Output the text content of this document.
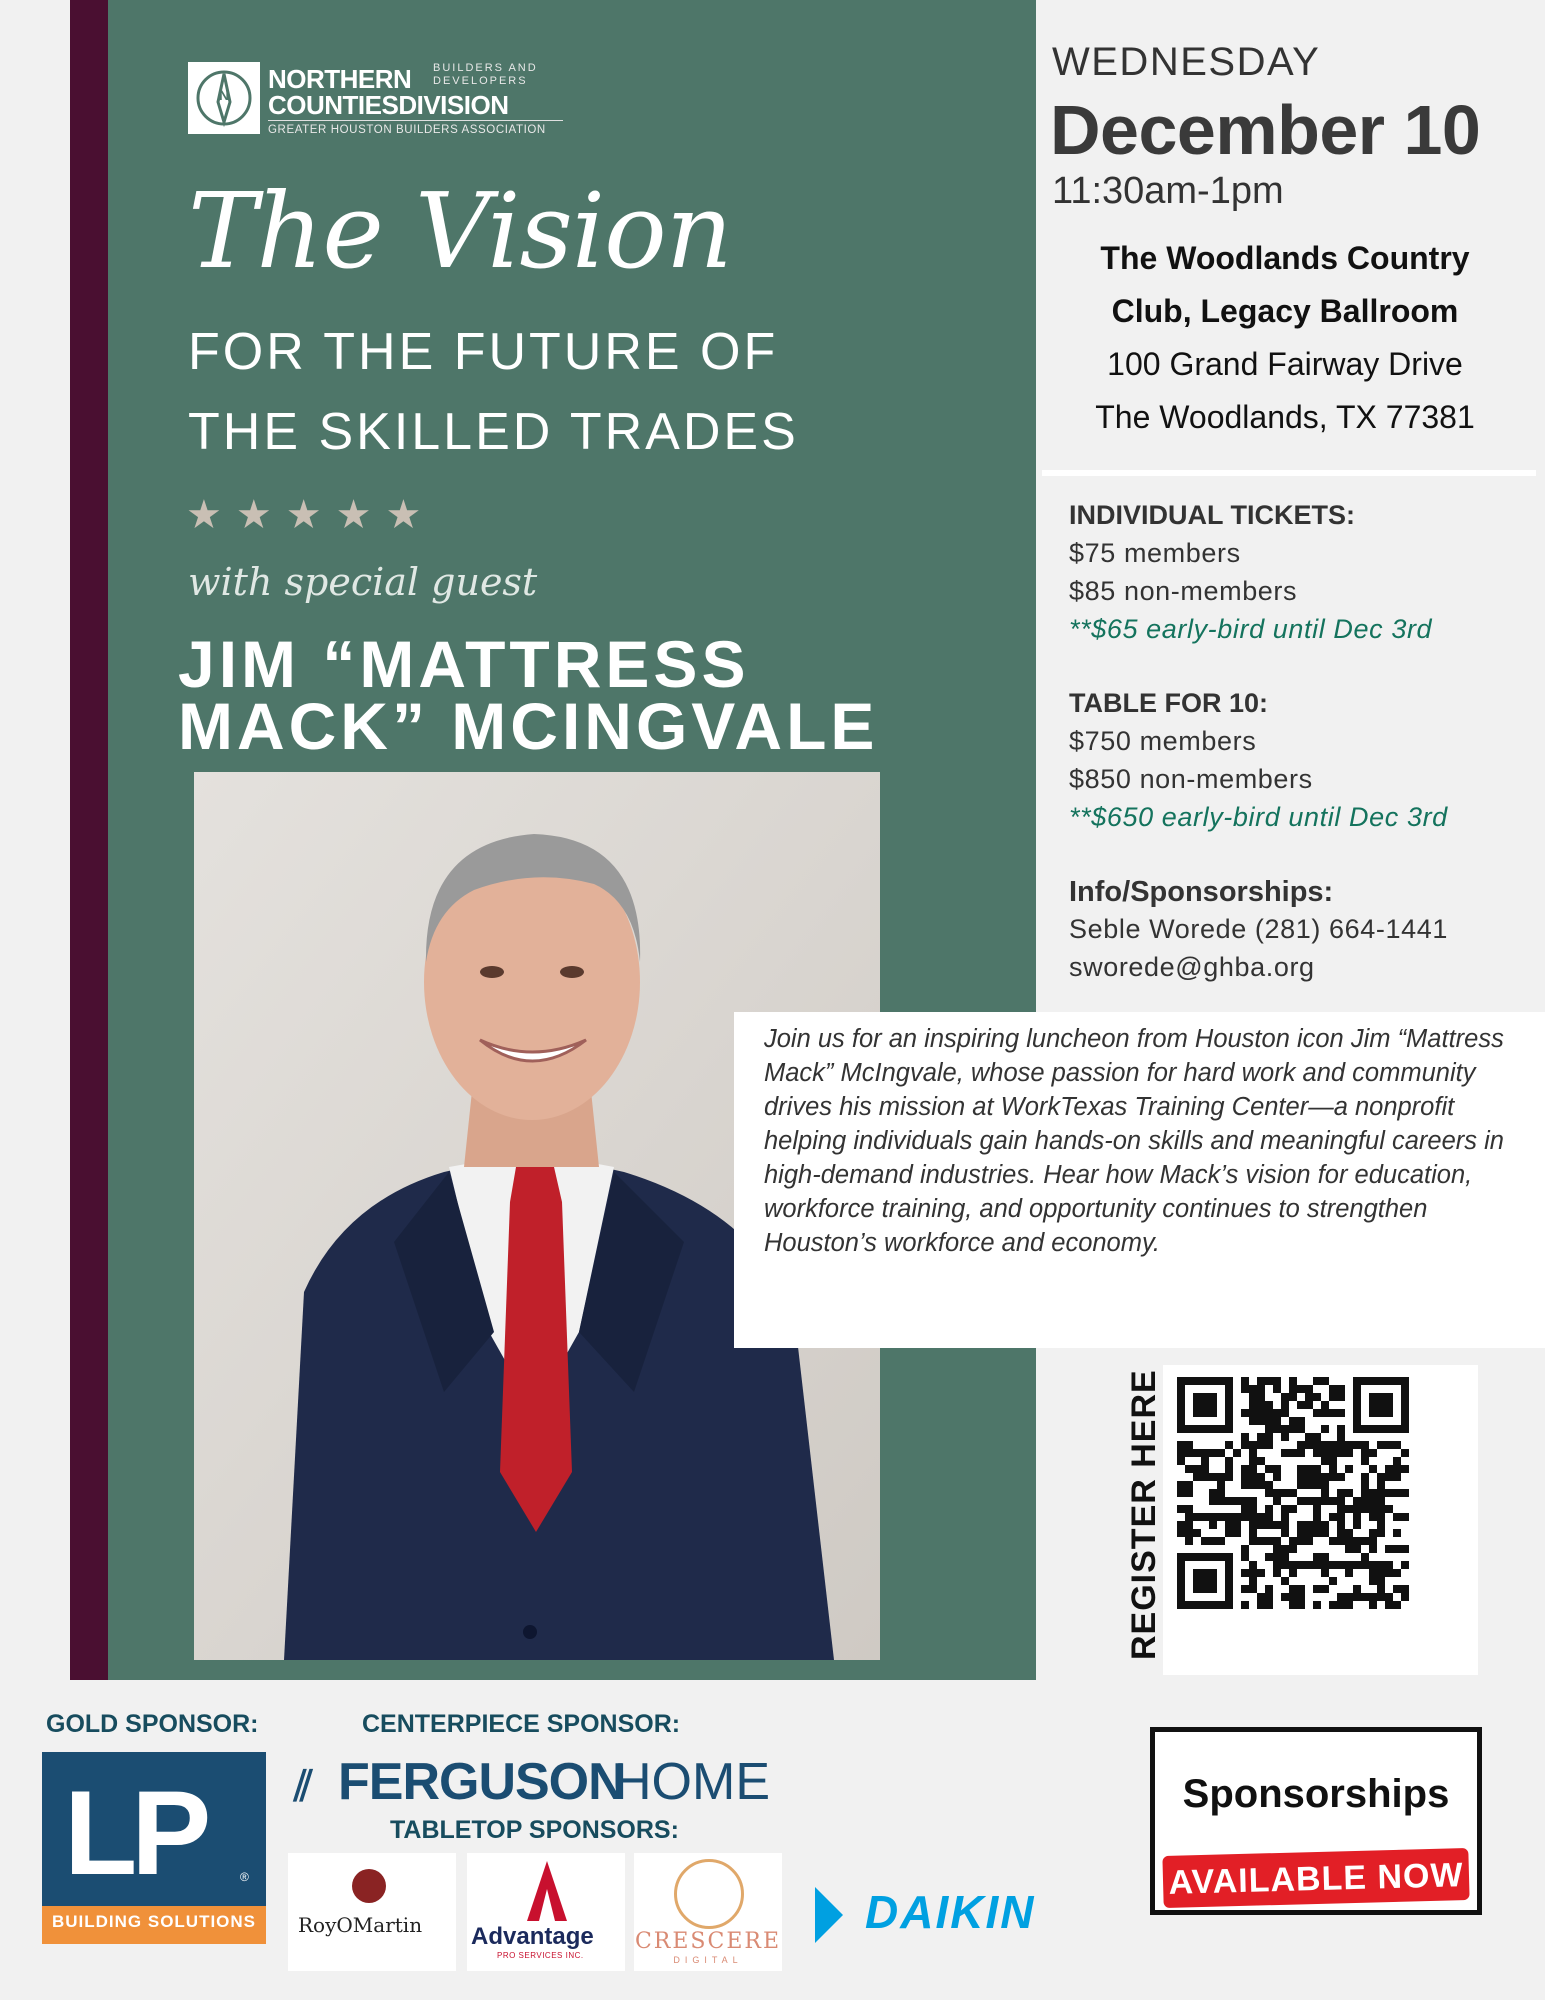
N
NORTHERN
COUNTIESDIVISION
BUILDERS AND DEVELOPERS
GREATER HOUSTON BUILDERS ASSOCIATION
The Vision
FOR THE FUTURE OF
THE SKILLED TRADES
★★★★★
with special guest
JIM “MATTRESS
MACK” MCINGVALE
WEDNESDAY
December 10
11:30am-1pm
The Woodlands Country
Club, Legacy Ballroom
100 Grand Fairway Drive
The Woodlands, TX 77381
INDIVIDUAL TICKETS:
$75 members
$85 non-members
**$65 early-bird until Dec 3rd
TABLE FOR 10:
$750 members
$850 non-members
**$650 early-bird until Dec 3rd
Info/Sponsorships:
Seble Worede (281) 664-1441
sworede@ghba.org
Join us for an inspiring luncheon from Houston icon Jim “Mattress Mack” McIngvale, whose passion for hard work and community drives his mission at WorkTexas Training Center—a nonprofit helping individuals gain hands-on skills and meaningful careers in high-demand industries. Hear how Mack’s vision for education, workforce training, and opportunity continues to strengthen Houston’s workforce and economy.
REGISTER HERE
GOLD SPONSOR:	CENTERPIECE SPONSOR:
TABLETOP SPONSORS:
LP	®
BUILDING SOLUTIONS
⫽ FERGUSON
HOME
RoyOMartin Advantage
PRO SERVICES INC.
CRESCERE
DIGITAL
DAIKIN
Sponsorships
AVAILABLE NOW
